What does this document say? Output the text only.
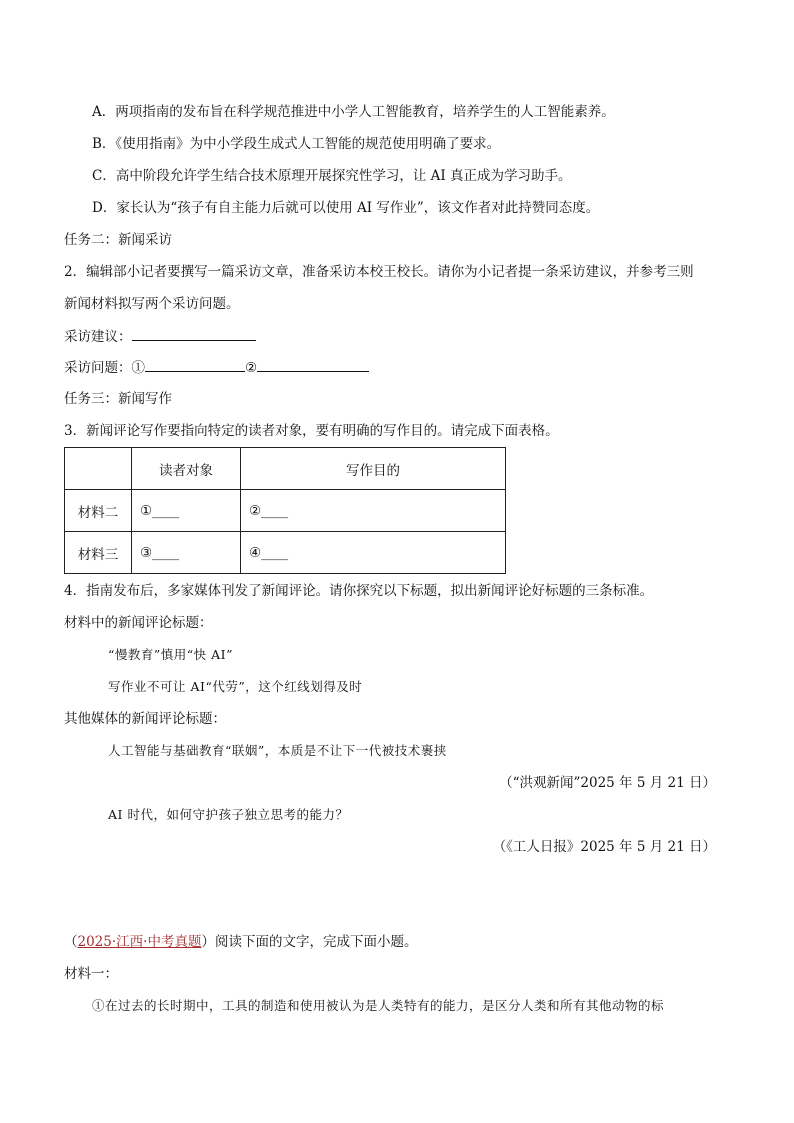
A．两项指南的发布旨在科学规范推进中小学人工智能教育，培养学生的人工智能素养。
B．《使用指南》为中小学段生成式人工智能的规范使用明确了要求。
C．高中阶段允许学生结合技术原理开展探究性学习，让 AI 真正成为学习助手。
D．家长认为“孩子有自主能力后就可以使用 AI 写作业”，该文作者对此持赞同态度。
任务二：新闻采访
2．编辑部小记者要撰写一篇采访文章，准备采访本校王校长。请你为小记者提一条采访建议，并参考三则
新闻材料拟写两个采访问题。
采访建议：
采访问题：①	②
任务三：新闻写作
3．新闻评论写作要指向特定的读者对象，要有明确的写作目的。请完成下面表格。
	读者对象	写作目的
材料二	①____	②____
材料三	③____	④____
4．指南发布后，多家媒体刊发了新闻评论。请你探究以下标题，拟出新闻评论好标题的三条标准。
材料中的新闻评论标题：
“慢教育”慎用“快 AI”
写作业不可让 AI“代劳”，这个红线划得及时
其他媒体的新闻评论标题：
人工智能与基础教育“联姻”，本质是不让下一代被技术裹挟
（“洪观新闻”2025 年 5 月 21 日）
AI 时代，如何守护孩子独立思考的能力？
（《工人日报》2025 年 5 月 21 日）
（2025·江西·中考真题）阅读下面的文字，完成下面小题。
材料一：
①在过去的长时期中，工具的制造和使用被认为是人类特有的能力，是区分人类和所有其他动物的标
